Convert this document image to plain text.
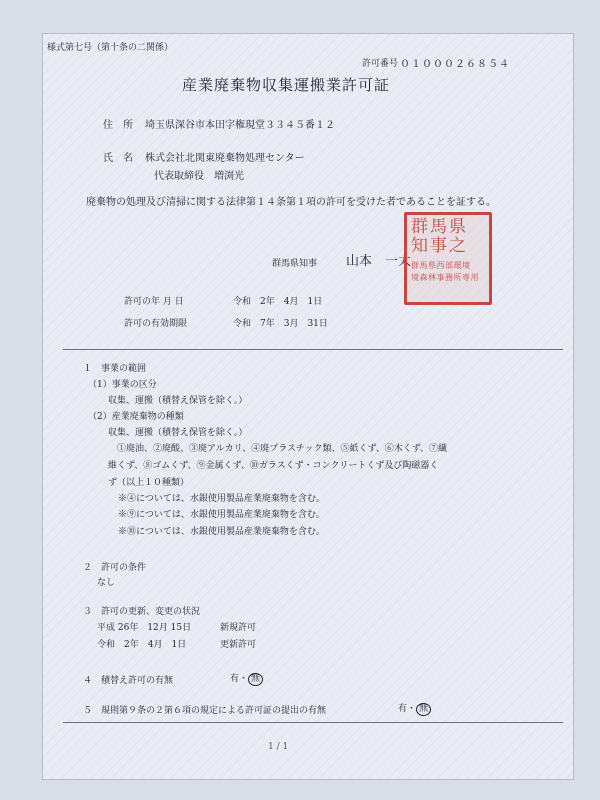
様式第七号（第十条の二関係）
許可番号 ０１０００２６８５４
産業廃棄物収集運搬業許可証
住　所 埼玉県深谷市本田字権現堂３３４５番１２
氏　名 株式会社北関東廃棄物処理センター
代表取締役　増渕光
廃棄物の処理及び清掃に関する法律第１４条第１項の許可を受けた者であることを証する。
群馬県知事 山本　一太
群馬県
知事之
群馬県西部環境
境森林事務所専用
許可の年 月 日	令和　2年　4月　1日
許可の有効期限	令和　7年　3月　31日
１　事業の範囲
（1）事業の区分
収集、運搬（積替え保管を除く。）
（2）産業廃棄物の種類
収集、運搬（積替え保管を除く。）
①廃油、②廃酸、③廃アルカリ、④廃プラスチック類、⑤紙くず、⑥木くず、⑦繊
維くず、⑧ゴムくず、⑨金属くず、⑩ガラスくず・コンクリートくず及び陶磁器く
ず（以上１０種類）
※④については、水銀使用製品産業廃棄物を含む。
※⑨については、水銀使用製品産業廃棄物を含む。
※⑩については、水銀使用製品産業廃棄物を含む。
２　許可の条件
なし
３　許可の更新、変更の状況
平成 26年　12月 15日	新規許可
令和　2年　4月　1日	更新許可
４　積替え許可の有無	有・ 無
５　規則第９条の２第６項の規定による許可証の提出の有無	有・ 無
1 / 1
